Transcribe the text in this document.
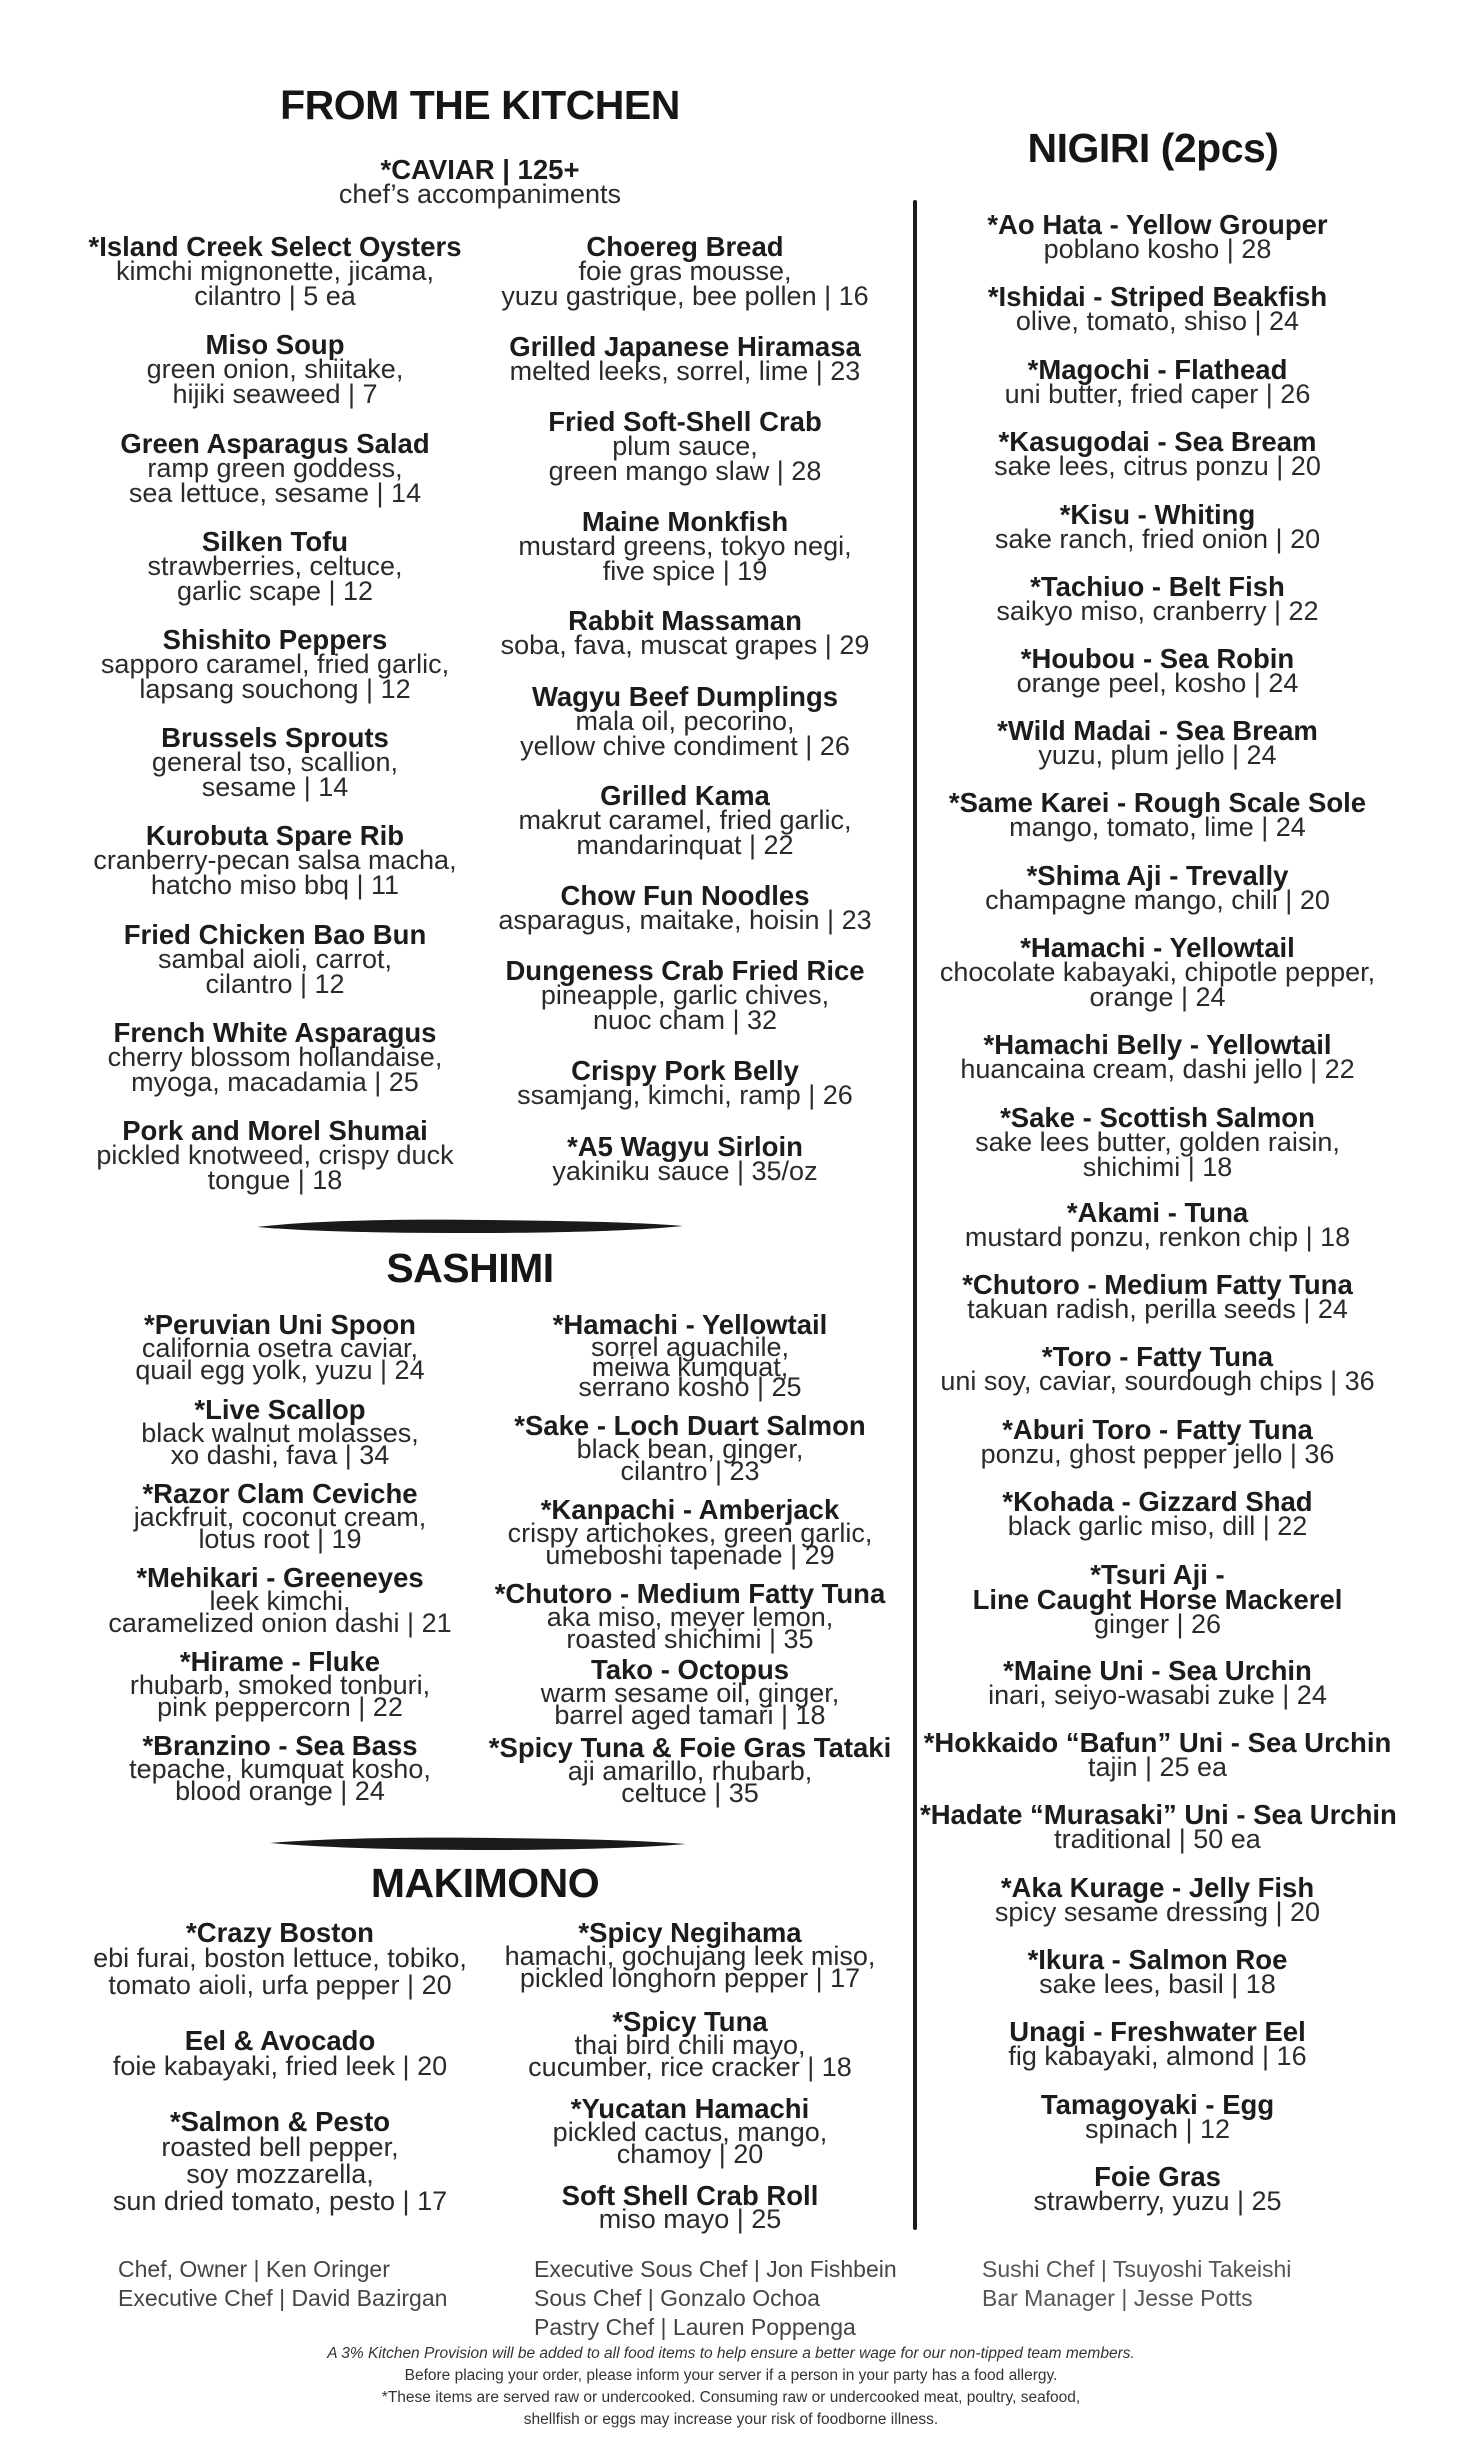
FROM THE KITCHEN
NIGIRI (2pcs)
*CAVIAR | 125+
chef’s accompaniments
*Island Creek Select Oysters
kimchi mignonette, jicama,
cilantro | 5 ea
Miso Soup
green onion, shiitake,
hijiki seaweed | 7
Green Asparagus Salad
ramp green goddess,
sea lettuce, sesame | 14
Silken Tofu
strawberries, celtuce,
garlic scape | 12
Shishito Peppers
sapporo caramel, fried garlic,
lapsang souchong | 12
Brussels Sprouts
general tso, scallion,
sesame | 14
Kurobuta Spare Rib
cranberry-pecan salsa macha,
hatcho miso bbq | 11
Fried Chicken Bao Bun
sambal aioli, carrot,
cilantro | 12
French White Asparagus
cherry blossom hollandaise,
myoga, macadamia | 25
Pork and Morel Shumai
pickled knotweed, crispy duck
tongue | 18
Choereg Bread
foie gras mousse,
yuzu gastrique, bee pollen | 16
Grilled Japanese Hiramasa
melted leeks, sorrel, lime | 23
Fried Soft-Shell Crab
plum sauce,
green mango slaw | 28
Maine Monkfish
mustard greens, tokyo negi,
five spice | 19
Rabbit Massaman
soba, fava, muscat grapes | 29
Wagyu Beef Dumplings
mala oil, pecorino,
yellow chive condiment | 26
Grilled Kama
makrut caramel, fried garlic,
mandarinquat | 22
Chow Fun Noodles
asparagus, maitake, hoisin | 23
Dungeness Crab Fried Rice
pineapple, garlic chives,
nuoc cham | 32
Crispy Pork Belly
ssamjang, kimchi, ramp | 26
*A5 Wagyu Sirloin
yakiniku sauce | 35/oz
SASHIMI
*Peruvian Uni Spoon
california osetra caviar,
quail egg yolk, yuzu | 24
*Live Scallop
black walnut molasses,
xo dashi, fava | 34
*Razor Clam Ceviche
jackfruit, coconut cream,
lotus root | 19
*Mehikari - Greeneyes
leek kimchi,
caramelized onion dashi | 21
*Hirame - Fluke
rhubarb, smoked tonburi,
pink peppercorn | 22
*Branzino - Sea Bass
tepache, kumquat kosho,
blood orange | 24
*Hamachi - Yellowtail
sorrel aguachile,
meiwa kumquat,
serrano kosho | 25
*Sake - Loch Duart Salmon
black bean, ginger,
cilantro | 23
*Kanpachi - Amberjack
crispy artichokes, green garlic,
umeboshi tapenade | 29
*Chutoro - Medium Fatty Tuna
aka miso, meyer lemon,
roasted shichimi | 35
Tako - Octopus
warm sesame oil, ginger,
barrel aged tamari | 18
*Spicy Tuna & Foie Gras Tataki
aji amarillo, rhubarb,
celtuce | 35
MAKIMONO
*Crazy Boston
ebi furai, boston lettuce, tobiko,
tomato aioli, urfa pepper | 20
Eel & Avocado
foie kabayaki, fried leek | 20
*Salmon & Pesto
roasted bell pepper,
soy mozzarella,
sun dried tomato, pesto | 17
*Spicy Negihama
hamachi, gochujang leek miso,
pickled longhorn pepper | 17
*Spicy Tuna
thai bird chili mayo,
cucumber, rice cracker | 18
*Yucatan Hamachi
pickled cactus, mango,
chamoy | 20
Soft Shell Crab Roll
miso mayo | 25
*Ao Hata - Yellow Grouper
poblano kosho | 28
*Ishidai - Striped Beakfish
olive, tomato, shiso | 24
*Magochi - Flathead
uni butter, fried caper | 26
*Kasugodai - Sea Bream
sake lees, citrus ponzu | 20
*Kisu - Whiting
sake ranch, fried onion | 20
*Tachiuo - Belt Fish
saikyo miso, cranberry | 22
*Houbou - Sea Robin
orange peel, kosho | 24
*Wild Madai - Sea Bream
yuzu, plum jello | 24
*Same Karei - Rough Scale Sole
mango, tomato, lime | 24
*Shima Aji - Trevally
champagne mango, chili | 20
*Hamachi - Yellowtail
chocolate kabayaki, chipotle pepper,
orange | 24
*Hamachi Belly - Yellowtail
huancaina cream, dashi jello | 22
*Sake - Scottish Salmon
sake lees butter, golden raisin,
shichimi | 18
*Akami - Tuna
mustard ponzu, renkon chip | 18
*Chutoro - Medium Fatty Tuna
takuan radish, perilla seeds | 24
*Toro - Fatty Tuna
uni soy, caviar, sourdough chips | 36
*Aburi Toro - Fatty Tuna
ponzu, ghost pepper jello | 36
*Kohada - Gizzard Shad
black garlic miso, dill | 22
*Tsuri Aji -
Line Caught Horse Mackerel
ginger | 26
*Maine Uni - Sea Urchin
inari, seiyo-wasabi zuke | 24
*Hokkaido “Bafun” Uni - Sea Urchin
tajin | 25 ea
*Hadate “Murasaki” Uni - Sea Urchin
traditional | 50 ea
*Aka Kurage - Jelly Fish
spicy sesame dressing | 20
*Ikura - Salmon Roe
sake lees, basil | 18
Unagi - Freshwater Eel
fig kabayaki, almond | 16
Tamagoyaki - Egg
spinach | 12
Foie Gras
strawberry, yuzu | 25
Chef, Owner | Ken Oringer
Executive Chef | David Bazirgan
Executive Sous Chef | Jon Fishbein
Sous Chef | Gonzalo Ochoa
Pastry Chef | Lauren Poppenga
Sushi Chef | Tsuyoshi Takeishi
Bar Manager | Jesse Potts
A 3% Kitchen Provision will be added to all food items to help ensure a better wage for our non-tipped team members.
Before placing your order, please inform your server if a person in your party has a food allergy.
*These items are served raw or undercooked. Consuming raw or undercooked meat, poultry, seafood,
shellfish or eggs may increase your risk of foodborne illness.
